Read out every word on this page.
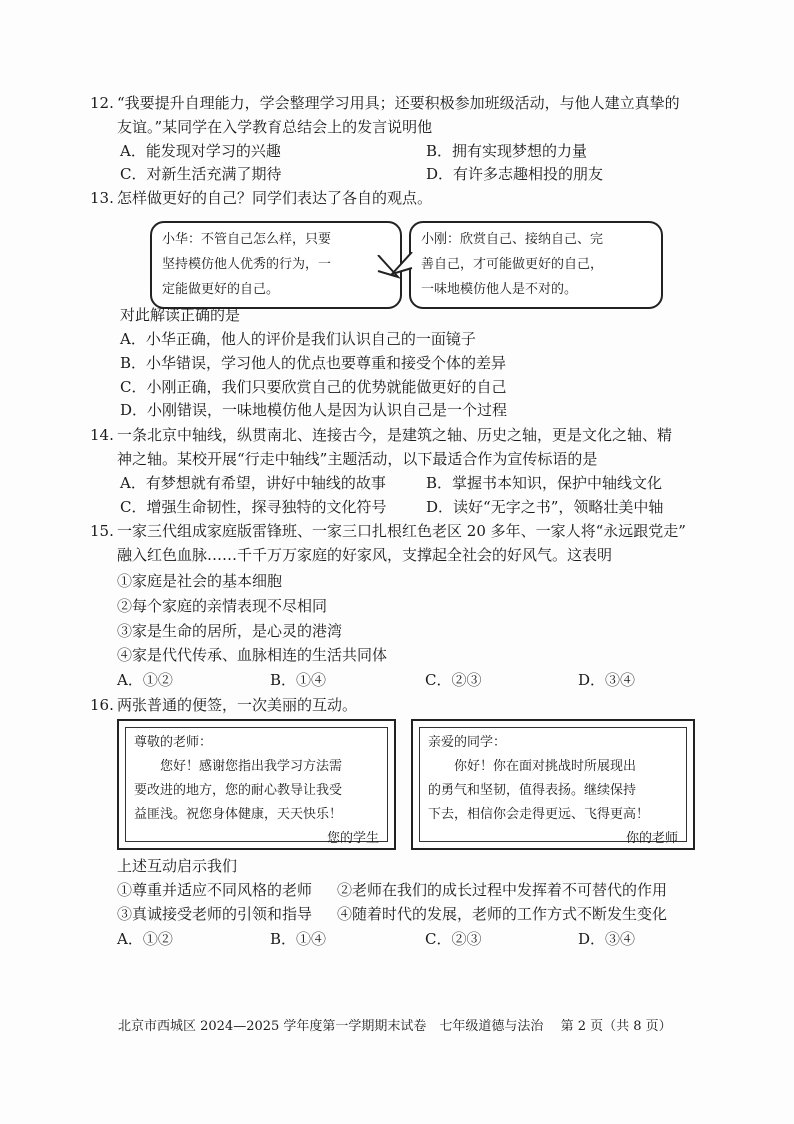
12. “我要提升自理能力，学会整理学习用具；还要积极参加班级活动，与他人建立真挚的
友谊。”某同学在入学教育总结会上的发言说明他
A．能发现对学习的兴趣	B．拥有实现梦想的力量
C．对新生活充满了期待	D．有许多志趣相投的朋友
13. 怎样做更好的自己？同学们表达了各自的观点。
小华：不管自己怎么样，只要
坚持模仿他人优秀的行为，一
定能做更好的自己。
小刚：欣赏自己、接纳自己、完
善自己，才可能做更好的自己，
一味地模仿他人是不对的。
对此解读正确的是
A．小华正确，他人的评价是我们认识自己的一面镜子
B．小华错误，学习他人的优点也要尊重和接受个体的差异
C．小刚正确，我们只要欣赏自己的优势就能做更好的自己
D．小刚错误，一味地模仿他人是因为认识自己是一个过程
14. 一条北京中轴线，纵贯南北、连接古今，是建筑之轴、历史之轴，更是文化之轴、精
神之轴。某校开展“行走中轴线”主题活动，以下最适合作为宣传标语的是
A．有梦想就有希望，讲好中轴线的故事	B．掌握书本知识，保护中轴线文化
C．增强生命韧性，探寻独特的文化符号	D．读好“无字之书”，领略壮美中轴
15. 一家三代组成家庭版雷锋班、一家三口扎根红色老区 20 多年、一家人将“永远跟党走”
融入红色血脉……千千万万家庭的好家风，支撑起全社会的好风气。这表明
①家庭是社会的基本细胞
②每个家庭的亲情表现不尽相同
③家是生命的居所，是心灵的港湾
④家是代代传承、血脉相连的生活共同体
A．①②	B．①④	C．②③	D．③④
16. 两张普通的便签，一次美丽的互动。
尊敬的老师：
您好！感谢您指出我学习方法需
要改进的地方，您的耐心教导让我受
益匪浅。祝您身体健康，天天快乐！
您的学生
亲爱的同学：
你好！你在面对挑战时所展现出
的勇气和坚韧，值得表扬。继续保持
下去，相信你会走得更远、飞得更高！
你的老师
上述互动启示我们
①尊重并适应不同风格的老师 ②老师在我们的成长过程中发挥着不可替代的作用
③真诚接受老师的引领和指导 ④随着时代的发展，老师的工作方式不断发生变化
A．①②	B．①④	C．②③	D．③④
北京市西城区 2024—2025 学年度第一学期期末试卷　七年级道德与法治　 第 2 页（共 8 页）
